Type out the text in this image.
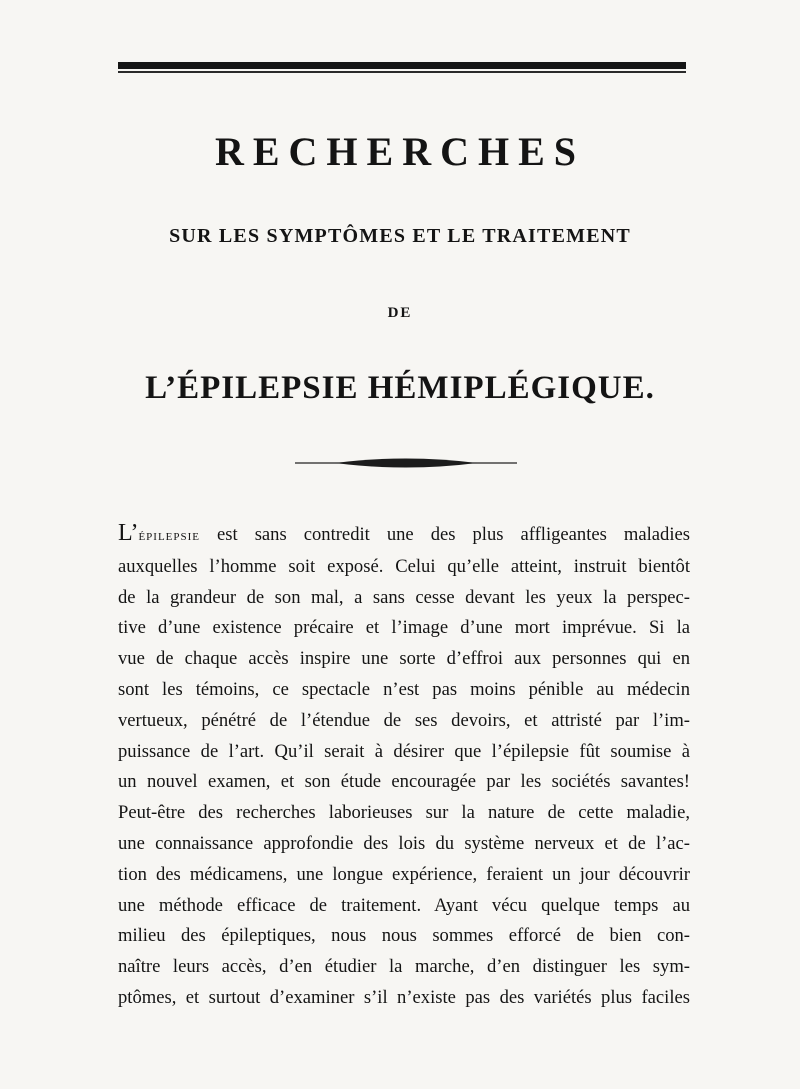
RECHERCHES
SUR LES SYMPTÔMES ET LE TRAITEMENT
DE
L’ÉPILEPSIE HÉMIPLÉGIQUE.
L’épilepsie est sans contredit une des plus affligeantes maladies
auxquelles l’homme soit exposé. Celui qu’elle atteint, instruit bientôt
de la grandeur de son mal, a sans cesse devant les yeux la perspec-
tive d’une existence précaire et l’image d’une mort imprévue. Si la
vue de chaque accès inspire une sorte d’effroi aux personnes qui en
sont les témoins, ce spectacle n’est pas moins pénible au médecin
vertueux, pénétré de l’étendue de ses devoirs, et attristé par l’im-
puissance de l’art. Qu’il serait à désirer que l’épilepsie fût soumise à
un nouvel examen, et son étude encouragée par les sociétés savantes!
Peut-être des recherches laborieuses sur la nature de cette maladie,
une connaissance approfondie des lois du système nerveux et de l’ac-
tion des médicamens, une longue expérience, feraient un jour découvrir
une méthode efficace de traitement. Ayant vécu quelque temps au
milieu des épileptiques, nous nous sommes efforcé de bien con-
naître leurs accès, d’en étudier la marche, d’en distinguer les sym-
ptômes, et surtout d’examiner s’il n’existe pas des variétés plus faciles
